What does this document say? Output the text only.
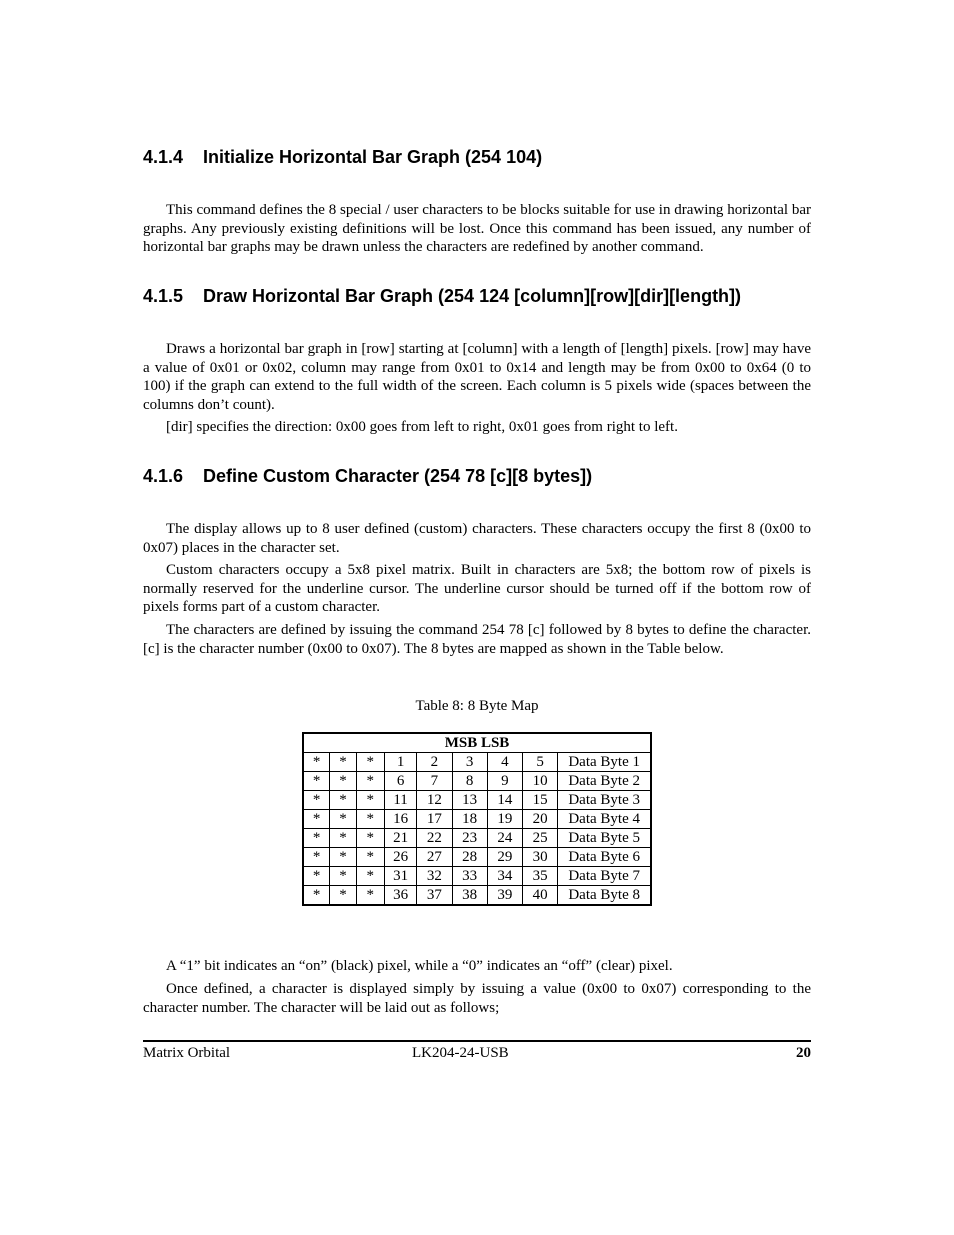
4.1.4 Initialize Horizontal Bar Graph (254 104)

This command defines the 8 special / user characters to be blocks suitable for use in drawing horizontal bar graphs. Any previously existing definitions will be lost. Once this command has been issued, any number of horizontal bar graphs may be drawn unless the characters are redefined by another command.

4.1.5 Draw Horizontal Bar Graph (254 124 [column][row][dir][length])

Draws a horizontal bar graph in [row] starting at [column] with a length of [length] pixels. [row] may have a value of 0x01 or 0x02, column may range from 0x01 to 0x14 and length may be from 0x00 to 0x64 (0 to 100) if the graph can extend to the full width of the screen. Each column is 5 pixels wide (spaces between the columns don’t count).

[dir] specifies the direction: 0x00 goes from left to right, 0x01 goes from right to left.

4.1.6 Define Custom Character (254 78 [c][8 bytes])

The display allows up to 8 user defined (custom) characters. These characters occupy the first 8 (0x00 to 0x07) places in the character set.

Custom characters occupy a 5x8 pixel matrix. Built in characters are 5x8; the bottom row of pixels is normally reserved for the underline cursor. The underline cursor should be turned off if the bottom row of pixels forms part of a custom character.

The characters are defined by issuing the command 254 78 [c] followed by 8 bytes to define the character. [c] is the character number (0x00 to 0x07). The 8 bytes are mapped as shown in the Table below.

Table 8: 8 Byte Map
MSB LSB								
*	*	*	1	2	3	4	5	Data Byte 1
*	*	*	6	7	8	9	10	Data Byte 2
*	*	*	11	12	13	14	15	Data Byte 3
*	*	*	16	17	18	19	20	Data Byte 4
*	*	*	21	22	23	24	25	Data Byte 5
*	*	*	26	27	28	29	30	Data Byte 6
*	*	*	31	32	33	34	35	Data Byte 7
*	*	*	36	37	38	39	40	Data Byte 8

A “1” bit indicates an “on” (black) pixel, while a “0” indicates an “off” (clear) pixel.

Once defined, a character is displayed simply by issuing a value (0x00 to 0x07) corresponding to the character number. The character will be laid out as follows;

Matrix Orbital	LK204-24-USB	20
